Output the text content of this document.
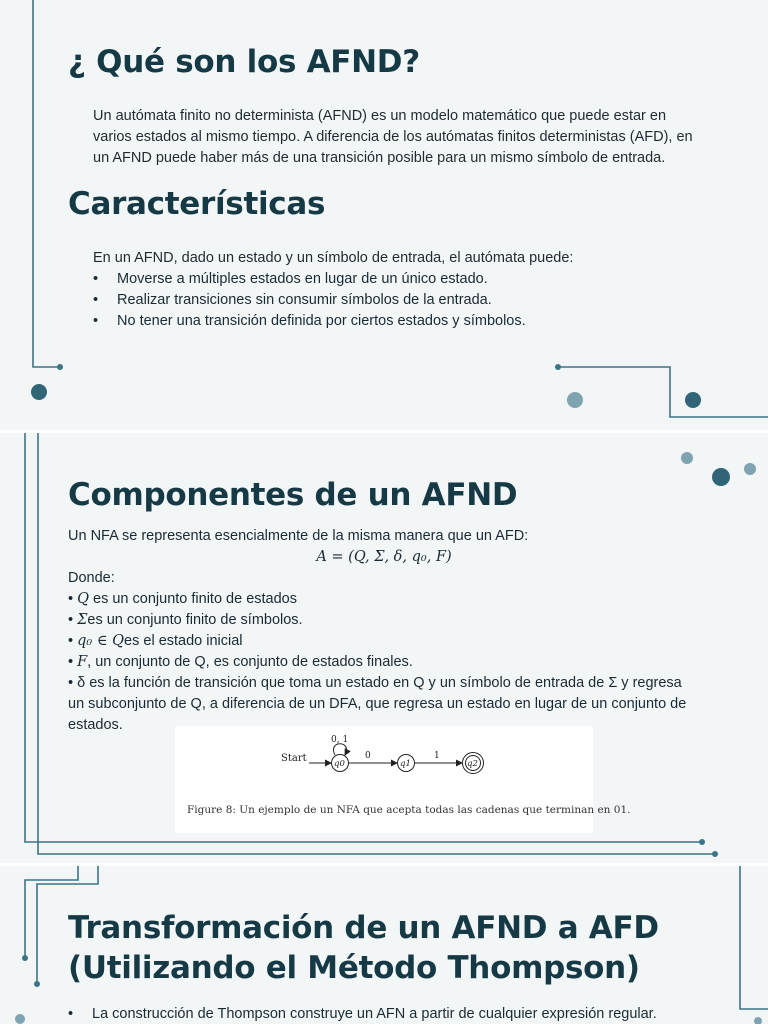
¿ Qué son los AFND?
Un autómata finito no determinista (AFND) es un modelo matemático que puede estar en
varios estados al mismo tiempo. A diferencia de los autómatas finitos deterministas (AFD), en
un AFND puede haber más de una transición posible para un mismo símbolo de entrada.
Características
En un AFND, dado un estado y un símbolo de entrada, el autómata puede:
• Moverse a múltiples estados en lugar de un único estado.
• Realizar transiciones sin consumir símbolos de la entrada.
• No tener una transición definida por ciertos estados y símbolos.
Componentes de un AFND
Un NFA se representa esencialmente de la misma manera que un AFD:
A = (Q, Σ, δ, q₀, F)
Donde:
• Q es un conjunto finito de estados
• Σes un conjunto finito de símbolos.
• q₀ ∈ Qes el estado inicial
• F, un conjunto de Q, es conjunto de estados finales.
• δ es la función de transición que toma un estado en Q y un símbolo de entrada de Σ y regresa
un subconjunto de Q, a diferencia de un DFA, que regresa un estado en lugar de un conjunto de
estados.
Start
0, 1
q0
0
q1
1
q2
Figure 8: Un ejemplo de un NFA que acepta todas las cadenas que terminan en 01.
Transformación de un AFND a AFD
(Utilizando el Método Thompson)
• La construcción de Thompson construye un AFN a partir de cualquier expresión regular.
